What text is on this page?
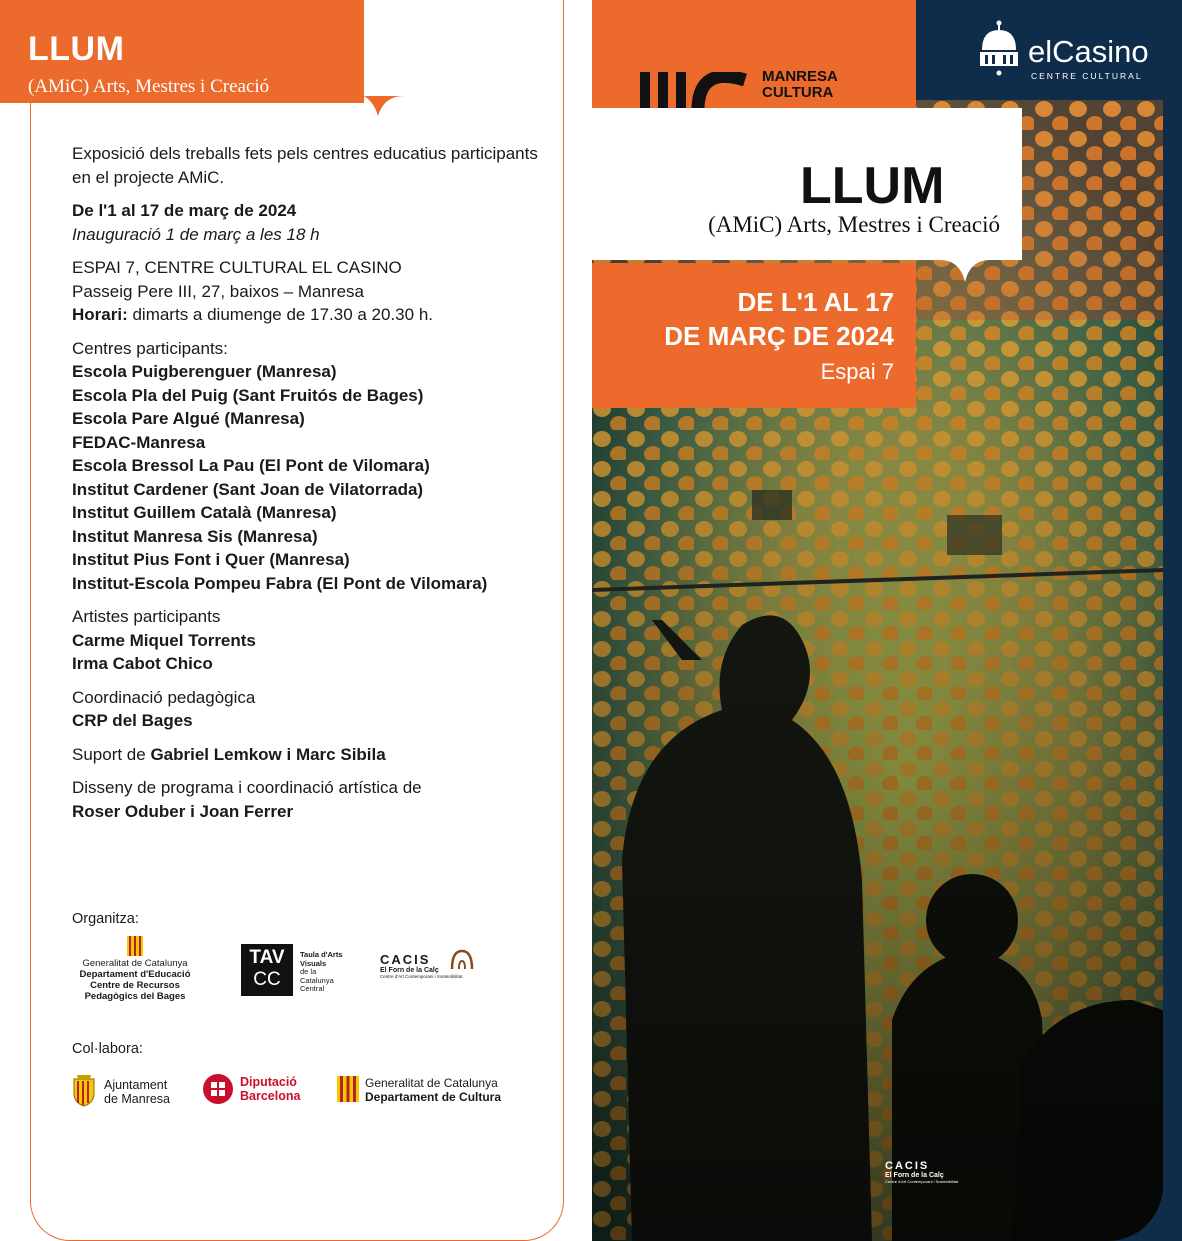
LLUM
(AMiC) Arts, Mestres i Creació
Exposició dels treballs fets pels centres educatius participants en el projecte AMiC.
De l'1 al 17 de març de 2024
Inauguració 1 de març a les 18 h
ESPAI 7, CENTRE CULTURAL EL CASINO
Passeig Pere III, 27, baixos – Manresa
Horari: dimarts a diumenge de 17.30 a 20.30 h.
Centres participants:
Escola Puigberenguer (Manresa)
Escola Pla del Puig (Sant Fruitós de Bages)
Escola Pare Algué (Manresa)
FEDAC-Manresa
Escola Bressol La Pau (El Pont de Vilomara)
Institut Cardener (Sant Joan de Vilatorrada)
Institut Guillem Català (Manresa)
Institut Manresa Sis (Manresa)
Institut Pius Font i Quer (Manresa)
Institut-Escola Pompeu Fabra (El Pont de Vilomara)
Artistes participants
Carme Miquel Torrents
Irma Cabot Chico
Coordinació pedagògica
CRP del Bages
Suport de Gabriel Lemkow i Marc Sibila
Disseny de programa i coordinació artística de
Roser Oduber i Joan Ferrer
Organitza:
Generalitat de Catalunya
Departament d'Educació
Centre de Recursos
Pedagògics del Bages
TAV
CC
Taula d'Arts
Visuals
de la
Catalunya
Central
CACIS
El Forn de la Calç
Centre d'Art Contemporani i Sostenibilitat
Col·labora:
Ajuntament
de Manresa
Diputació
Barcelona
Generalitat de Catalunya
Departament de Cultura
CACIS
El Forn de la Calç
Centre d'Art Contemporani i Sostenibilitat
MANRESA
CULTURA
elCasino
CENTRE CULTURAL
LLUM
(AMiC) Arts, Mestres i Creació
DE L'1 AL 17
DE MARÇ DE 2024
Espai 7
